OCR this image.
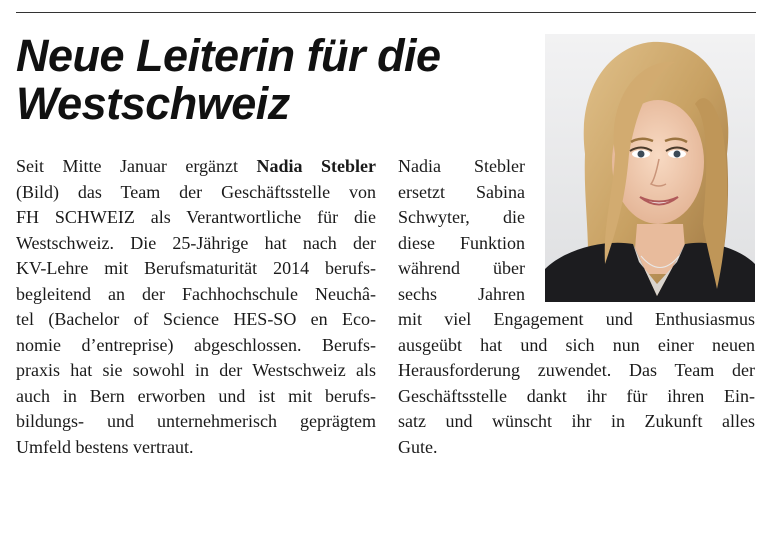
Neue Leiterin für die
Westschweiz
Seit Mitte Januar ergänzt Nadia Stebler
(Bild) das Team der Geschäftsstelle von
FH SCHWEIZ als Verantwortliche für die
Westschweiz. Die 25-Jährige hat nach der
KV-Lehre mit Berufsmaturität 2014 berufs-
begleitend an der Fachhochschule Neuchâ-
tel (Bachelor of Science HES-SO en Eco-
nomie d’entreprise) abgeschlossen. Berufs-
praxis hat sie sowohl in der Westschweiz als
auch in Bern erworben und ist mit berufs-
bildungs- und unternehmerisch geprägtem
Umfeld bestens vertraut.
Nadia Stebler
ersetzt Sabina
Schwyter, die
diese Funktion
während über
sechs Jahren
mit viel Engagement und Enthusiasmus
ausgeübt hat und sich nun einer neuen
Herausforderung zuwendet. Das Team der
Geschäftsstelle dankt ihr für ihren Ein-
satz und wünscht ihr in Zukunft alles
Gute.
